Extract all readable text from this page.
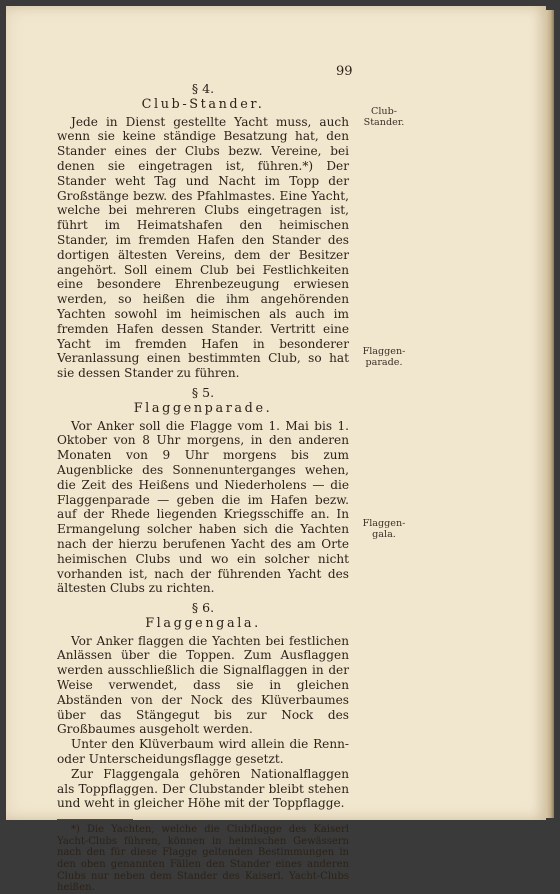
99
§ 4.
Club-Stander.

Jede in Dienst gestellte Yacht muss, auch wenn sie keine ständige Besatzung hat, den Stander eines der Clubs bezw. Vereine, bei denen sie eingetragen ist, führen.*) Der Stander weht Tag und Nacht im Topp der Großstänge bezw. des Pfahlmastes. Eine Yacht, welche bei mehreren Clubs eingetragen ist, führt im Heimatshafen den heimischen Stander, im fremden Hafen den Stander des dortigen ältesten Vereins, dem der Besitzer angehört. Soll einem Club bei Festlichkeiten eine besondere Ehrenbezeugung erwiesen werden, so heißen die ihm angehörenden Yachten sowohl im heimischen als auch im fremden Hafen dessen Stander. Vertritt eine Yacht im fremden Hafen in besonderer Veranlassung einen bestimmten Club, so hat sie dessen Stander zu führen.

§ 5.
Flaggenparade.

Vor Anker soll die Flagge vom 1. Mai bis 1. Oktober von 8 Uhr morgens, in den anderen Monaten von 9 Uhr morgens bis zum Augenblicke des Sonnenunterganges wehen, die Zeit des Heißens und Niederholens — die Flaggenparade — geben die im Hafen bezw. auf der Rhede liegenden Kriegsschiffe an. In Ermangelung solcher haben sich die Yachten nach der hierzu berufenen Yacht des am Orte heimischen Clubs und wo ein solcher nicht vorhanden ist, nach der führenden Yacht des ältesten Clubs zu richten.

§ 6.
Flaggengala.

Vor Anker flaggen die Yachten bei festlichen Anlässen über die Toppen. Zum Ausflaggen werden ausschließlich die Signalflaggen in der Weise verwendet, dass sie in gleichen Abständen von der Nock des Klüverbaumes über das Stängegut bis zur Nock des Großbaumes ausgeholt werden.

Unter den Klüverbaum wird allein die Renn- oder Unterscheidungsflagge gesetzt.

Zur Flaggengala gehören Nationalflaggen als Toppflaggen. Der Clubstander bleibt stehen und weht in gleicher Höhe mit der Toppflagge.

*) Die Yachten, welche die Clubflagge des Kaiserl Yacht-Clubs führen, können in heimischen Gewässern nach den für diese Flagge geltenden Bestimmungen in den oben genannten Fällen den Stander eines anderen Clubs nur neben dem Stander des Kaiserl. Yacht-Clubs heißen.

Club-
Stander.
Flaggen-
parade.
Flaggen-
gala.
